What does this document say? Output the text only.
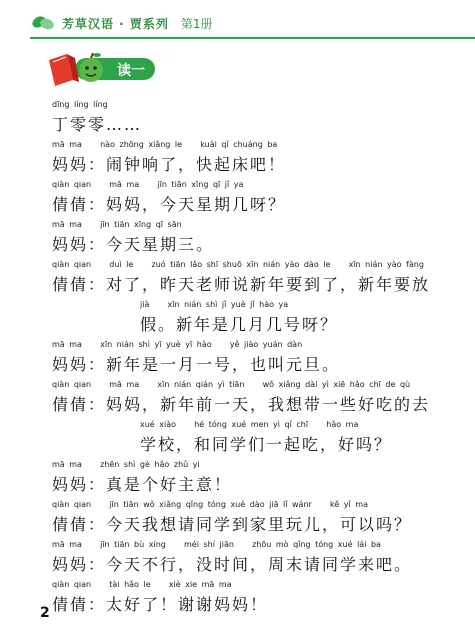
芳草汉语 · 贾系列 第1册
读一读
dīng líng líng
丁零零……
mā ma    nào zhōng xiǎng le    kuài qǐ chuáng ba
妈妈：闹钟响了，快起床吧！
qiàn qian    mā ma    jīn tiān xīng qī jǐ ya
倩倩：妈妈，今天星期几呀？
mā ma    jīn tiān xīng qī sān
妈妈：今天星期三。
qiàn qian    duì le    zuó tiān lǎo shī shuō xīn nián yào dào le    xīn nián yào fàng
倩倩：对了，昨天老师说新年要到了，新年要放
jià    xīn nián shì jǐ yuè jǐ hào ya
假。新年是几月几号呀？
mā ma    xīn nián shì yī yuè yī hào    yě jiào yuán dàn
妈妈：新年是一月一号，也叫元旦。
qiàn qian    mā ma    xīn nián qián yì tiān    wǒ xiǎng dài yì xiē hǎo chī de qù
倩倩：妈妈，新年前一天，我想带一些好吃的去
xué xiào    hé tóng xué men yì qǐ chī    hǎo ma
学校，和同学们一起吃，好吗？
mā ma    zhēn shì gè hǎo zhǔ yi
妈妈：真是个好主意！
qiàn qian    jīn tiān wǒ xiǎng qǐng tóng xué dào jiā lǐ wánr    kě yǐ ma
倩倩：今天我想请同学到家里玩儿，可以吗？
mā ma    jīn tiān bù xíng    méi shí jiān    zhōu mò qǐng tóng xué lái ba
妈妈：今天不行，没时间，周末请同学来吧。
qiàn qian    tài hǎo le    xiè xie mā ma
倩倩：太好了！谢谢妈妈！
2
